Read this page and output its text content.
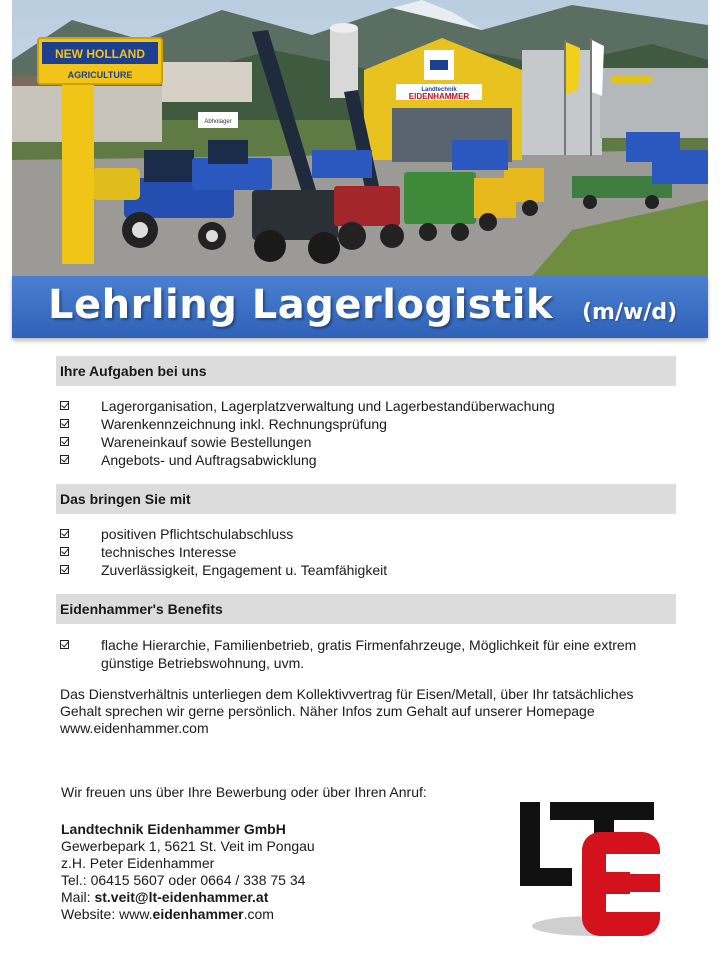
Landtechnik
EIDENHAMMER
Abholager
NEW HOLLAND
AGRICULTURE
Lehrling Lagerlogistik (m/w/d)
Ihre Aufgaben bei uns
Lagerorganisation, Lagerplatzverwaltung und Lagerbestandüberwachung
Warenkennzeichnung inkl. Rechnungsprüfung
Wareneinkauf sowie Bestellungen
Angebots- und Auftragsabwicklung
Das bringen Sie mit
positiven Pflichtschulabschluss
technisches Interesse
Zuverlässigkeit, Engagement u. Teamfähigkeit
Eidenhammer's Benefits
flache Hierarchie, Familienbetrieb, gratis Firmenfahrzeuge, Möglichkeit für eine extrem günstige Betriebswohnung, uvm.
Das Dienstverhältnis unterliegen dem Kollektivvertrag für Eisen/Metall, über Ihr tatsächliches
Gehalt sprechen wir gerne persönlich. Näher Infos zum Gehalt auf unserer Homepage
www.eidenhammer.com
Wir freuen uns über Ihre Bewerbung oder über Ihren Anruf:
Landtechnik Eidenhammer GmbH
Gewerbepark 1, 5621 St. Veit im Pongau
z.H. Peter Eidenhammer
Tel.: 06415 5607 oder 0664 / 338 75 34
Mail: st.veit@lt-eidenhammer.at
Website: www.eidenhammer.com
